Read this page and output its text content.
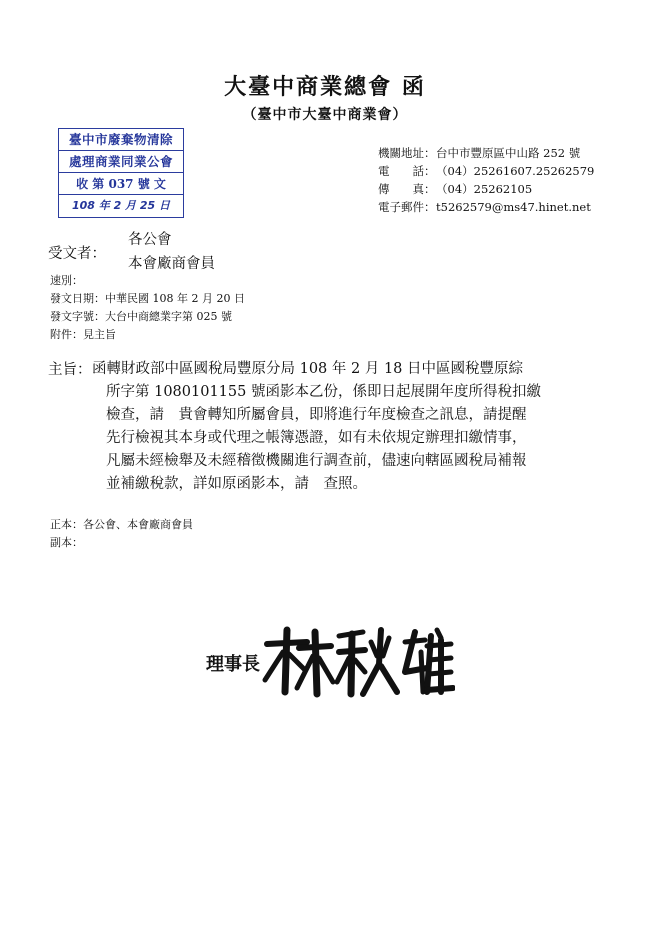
大臺中商業總會 函
（臺中市大臺中商業會）
臺中市廢棄物清除
處理商業同業公會
收 第 037 號 文
108 年 2 月 25 日
機關地址：台中市豐原區中山路 252 號
電　　話：（04）25261607.25262579
傳　　真：（04）25262105
電子郵件：t5262579@ms47.hinet.net
受文者：
各公會
本會廠商會員
速別：
發文日期：中華民國 108 年 2 月 20 日
發文字號：大台中商總業字第 025 號
附件：見主旨
主旨： 函轉財政部中區國稅局豐原分局 108 年 2 月 18 日中區國稅豐原綜

所字第 1080101155 號函影本乙份，係即日起展開年度所得稅扣繳

檢查，請　貴會轉知所屬會員，即將進行年度檢查之訊息，請提醒

先行檢視其本身或代理之帳簿憑證，如有未依規定辦理扣繳情事，

凡屬未經檢舉及未經稽徵機關進行調查前，儘速向轄區國稅局補報

並補繳稅款，詳如原函影本，請　查照。

正本：各公會、本會廠商會員
副本：
理事長
